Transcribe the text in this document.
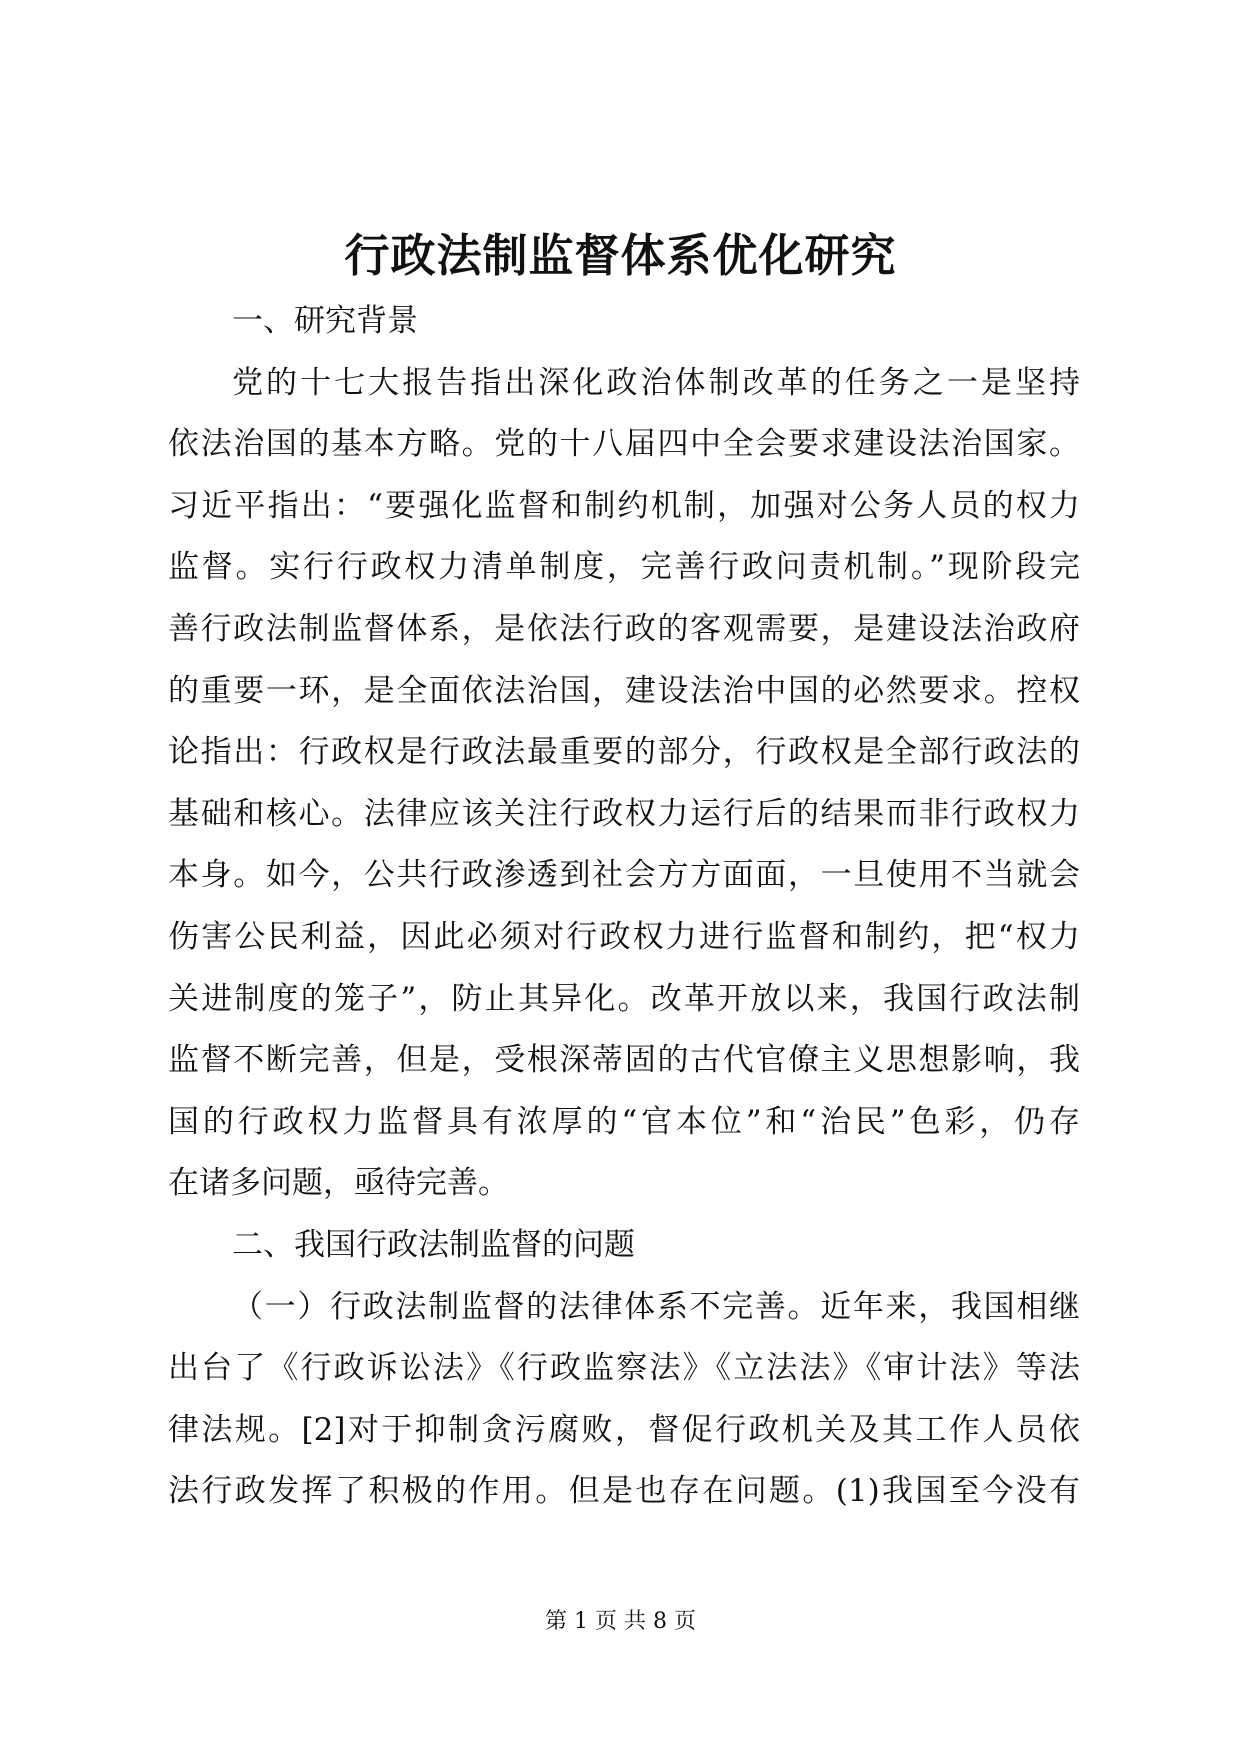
行政法制监督体系优化研究
一、研究背景
党的十七大报告指出深化政治体制改革的任务之一是坚持
依法治国的基本方略。党的十八届四中全会要求建设法治国家。
习近平指出：“要强化监督和制约机制，加强对公务人员的权力
监督。实行行政权力清单制度，完善行政问责机制。”现阶段完
善行政法制监督体系，是依法行政的客观需要，是建设法治政府
的重要一环，是全面依法治国，建设法治中国的必然要求。控权
论指出：行政权是行政法最重要的部分，行政权是全部行政法的
基础和核心。法律应该关注行政权力运行后的结果而非行政权力
本身。如今，公共行政渗透到社会方方面面，一旦使用不当就会
伤害公民利益，因此必须对行政权力进行监督和制约，把“权力
关进制度的笼子”，防止其异化。改革开放以来，我国行政法制
监督不断完善，但是，受根深蒂固的古代官僚主义思想影响，我
国的行政权力监督具有浓厚的“官本位”和“治民”色彩，仍存
在诸多问题，亟待完善。
二、我国行政法制监督的问题
（一）行政法制监督的法律体系不完善。近年来，我国相继
出台了《行政诉讼法》《行政监察法》《立法法》《审计法》等法
律法规。[2]对于抑制贪污腐败，督促行政机关及其工作人员依
法行政发挥了积极的作用。但是也存在问题。(1)我国至今没有
第 1 页 共 8 页
